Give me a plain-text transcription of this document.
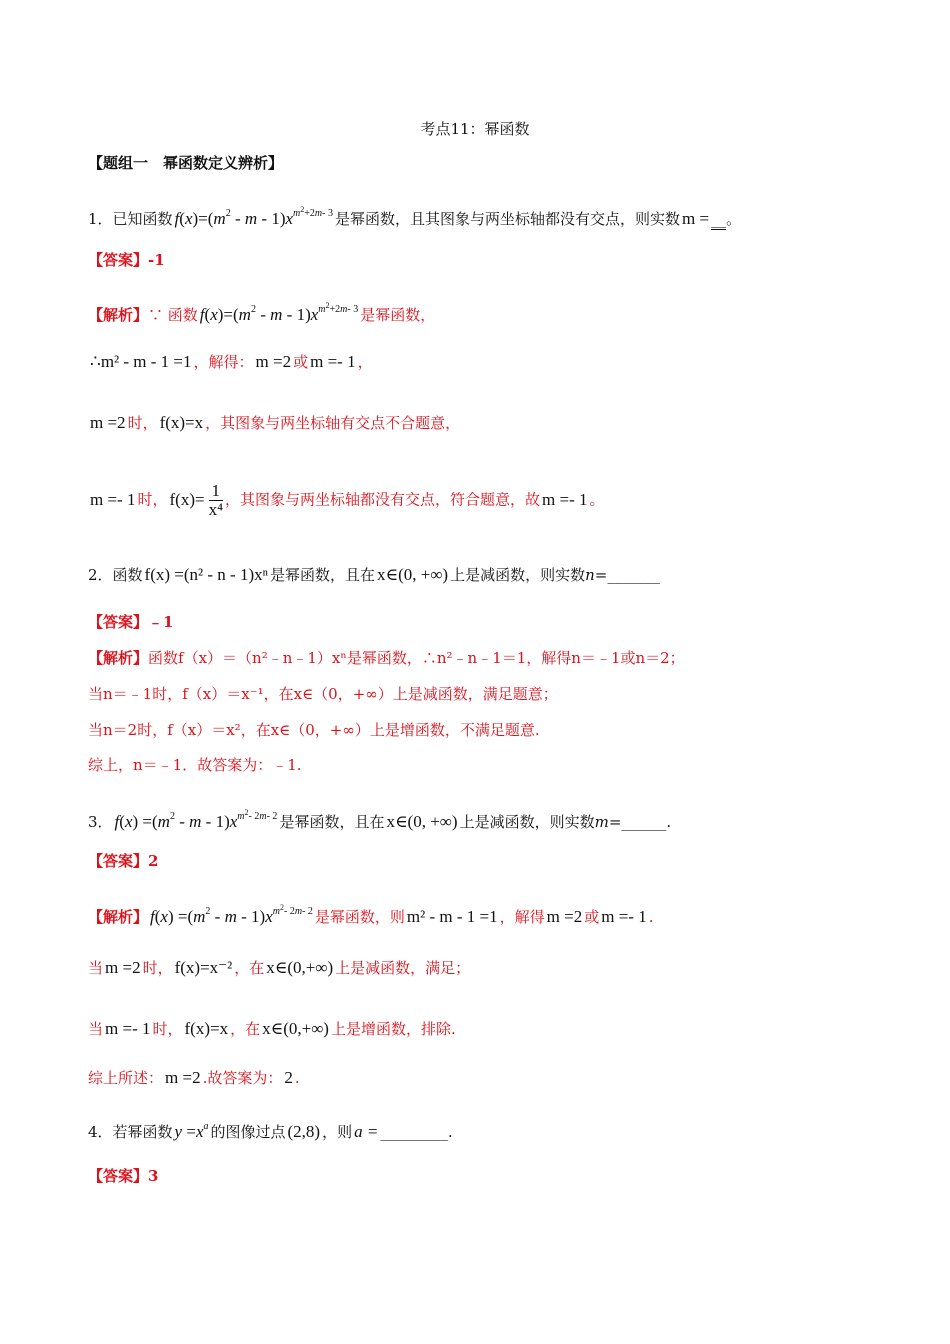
考点11：幂函数
【题组一　幂函数定义辨析】
1．已知函数 $f(x)=(m^2 - m - 1)x^{m^2+2m- 3}$ 是幂函数，且其图象与两坐标轴都没有交点，则实数 m = __。
【答案】-1
【解析】∵ 函数 $f(x)=(m^2 - m - 1)x^{m^2+2m- 3}$ 是幂函数，
∴m² - m - 1 =1 ，解得： m =2 或 m =- 1 ，
m =2 时， f(x)=x ，其图象与两坐标轴有交点不合题意，
m =- 1 时， $f(x)= \frac{1}{\text{x⁴}}$ ，其图象与两坐标轴都没有交点，符合题意，故 m =- 1 。
2．函数 f(x) =(n² - n - 1)xⁿ 是幂函数，且在 x∈(0, +∞) 上是减函数，则实数n=_______
【答案】﹣1
【解析】函数f（x）＝（n²﹣n﹣1）xⁿ是幂函数，∴n²﹣n﹣1＝1，解得n＝﹣1或n＝2；
当n＝﹣1时，f（x）＝x⁻¹，在x∈（0，+∞）上是减函数，满足题意；
当n＝2时，f（x）＝x²，在x∈（0，+∞）上是增函数，不满足题意.
综上，n＝﹣1．故答案为：﹣1.
3． $f(x) =(m^2 - m - 1)x^{m^2- 2m- 2}$ 是幂函数，且在 x∈(0, +∞) 上是减函数，则实数m=______.
【答案】2
【解析】 $f(x) =(m^2 - m - 1)x^{m^2- 2m- 2}$ 是幂函数，则 m² - m - 1 =1 ，解得 m =2 或 m =- 1 .
当 m =2 时， f(x)=x⁻² ，在 x∈(0,+∞) 上是减函数，满足；
当 m =- 1 时， f(x)=x ，在 x∈(0,+∞) 上是增函数，排除.
综上所述： m =2 .故答案为： 2 .
4．若幂函数 $y =x^a$ 的图像过点 (2,8) ，则 a = _________.
【答案】3
